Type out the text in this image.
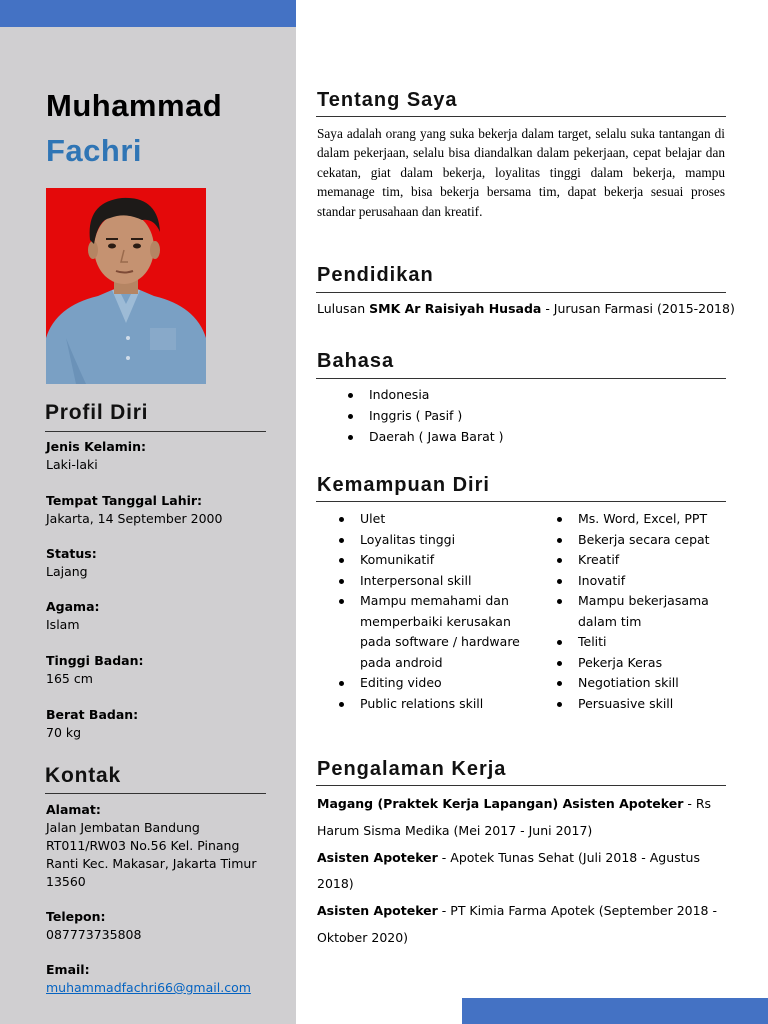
Muhammad
Fachri
Profil Diri
Jenis Kelamin:
Laki-laki
Tempat Tanggal Lahir:
Jakarta, 14 September 2000
Status:
Lajang
Agama:
Islam
Tinggi Badan:
165 cm
Berat Badan:
70 kg
Kontak
Alamat:
Jalan Jembatan Bandung
RT011/RW03 No.56 Kel. Pinang
Ranti Kec. Makasar, Jakarta Timur
13560
Telepon:
087773735808
Email:
muhammadfachri66@gmail.com
Tentang Saya
Saya adalah orang yang suka bekerja dalam target, selalu suka tantangan di dalam pekerjaan, selalu bisa diandalkan dalam pekerjaan, cepat belajar dan cekatan, giat dalam bekerja, loyalitas tinggi dalam bekerja, mampu memanage tim, bisa bekerja bersama tim, dapat bekerja sesuai proses standar perusahaan dan kreatif.
Pendidikan
Lulusan SMK Ar Raisiyah Husada - Jurusan Farmasi (2015-2018)
Bahasa
Indonesia
Inggris ( Pasif )
Daerah ( Jawa Barat )
Kemampuan Diri
Ulet
Loyalitas tinggi
Komunikatif
Interpersonal skill
Mampu memahami dan memperbaiki kerusakan pada software / hardware pada android
Editing video
Public relations skill
Ms. Word, Excel, PPT
Bekerja secara cepat
Kreatif
Inovatif
Mampu bekerjasama dalam tim
Teliti
Pekerja Keras
Negotiation skill
Persuasive skill
Pengalaman Kerja
Magang (Praktek Kerja Lapangan) Asisten Apoteker - Rs Harum Sisma Medika (Mei 2017 - Juni 2017)
Asisten Apoteker - Apotek Tunas Sehat (Juli 2018 - Agustus 2018)
Asisten Apoteker - PT Kimia Farma Apotek (September 2018 - Oktober 2020)
